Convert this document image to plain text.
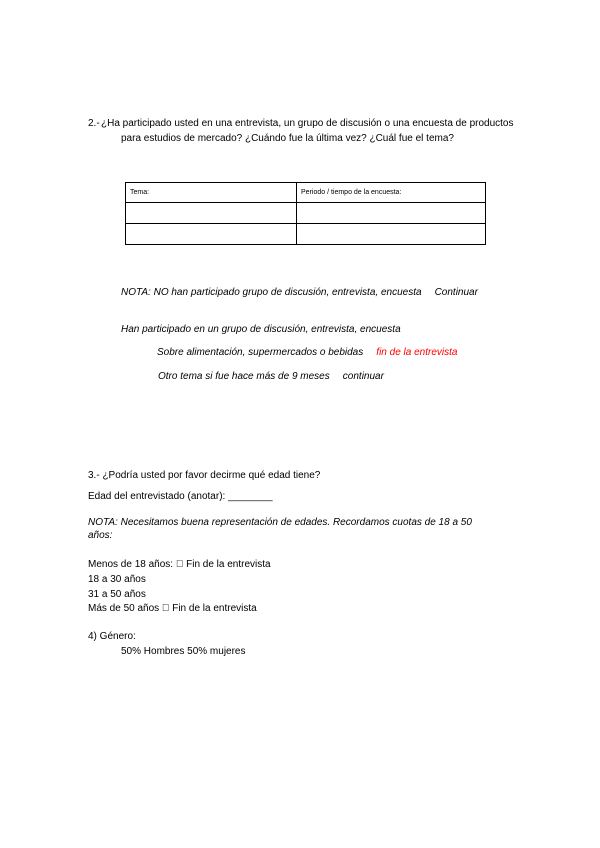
2.- ¿Ha participado usted en una entrevista, un grupo de discusión o una encuesta de productos
para estudios de mercado? ¿Cuándo fue la última vez? ¿Cuál fue el tema?
Tema:	Periodo / tiempo de la encuesta:

NOTA: NO han participado grupo de discusión, entrevista, encuesta Continuar
Han participado en un grupo de discusión, entrevista, encuesta
Sobre alimentación, supermercados o bebidas fin de la entrevista
Otro tema si fue hace más de 9 meses continuar
3.- ¿Podría usted por favor decirme qué edad tiene?
Edad del entrevistado (anotar): ________
NOTA: Necesitamos buena representación de edades. Recordamos cuotas de 18 a 50
años:
Menos de 18 años: Fin de la entrevista
18 a 30 años
31 a 50 años
Más de 50 años Fin de la entrevista
4) Género:
50% Hombres 50% mujeres
